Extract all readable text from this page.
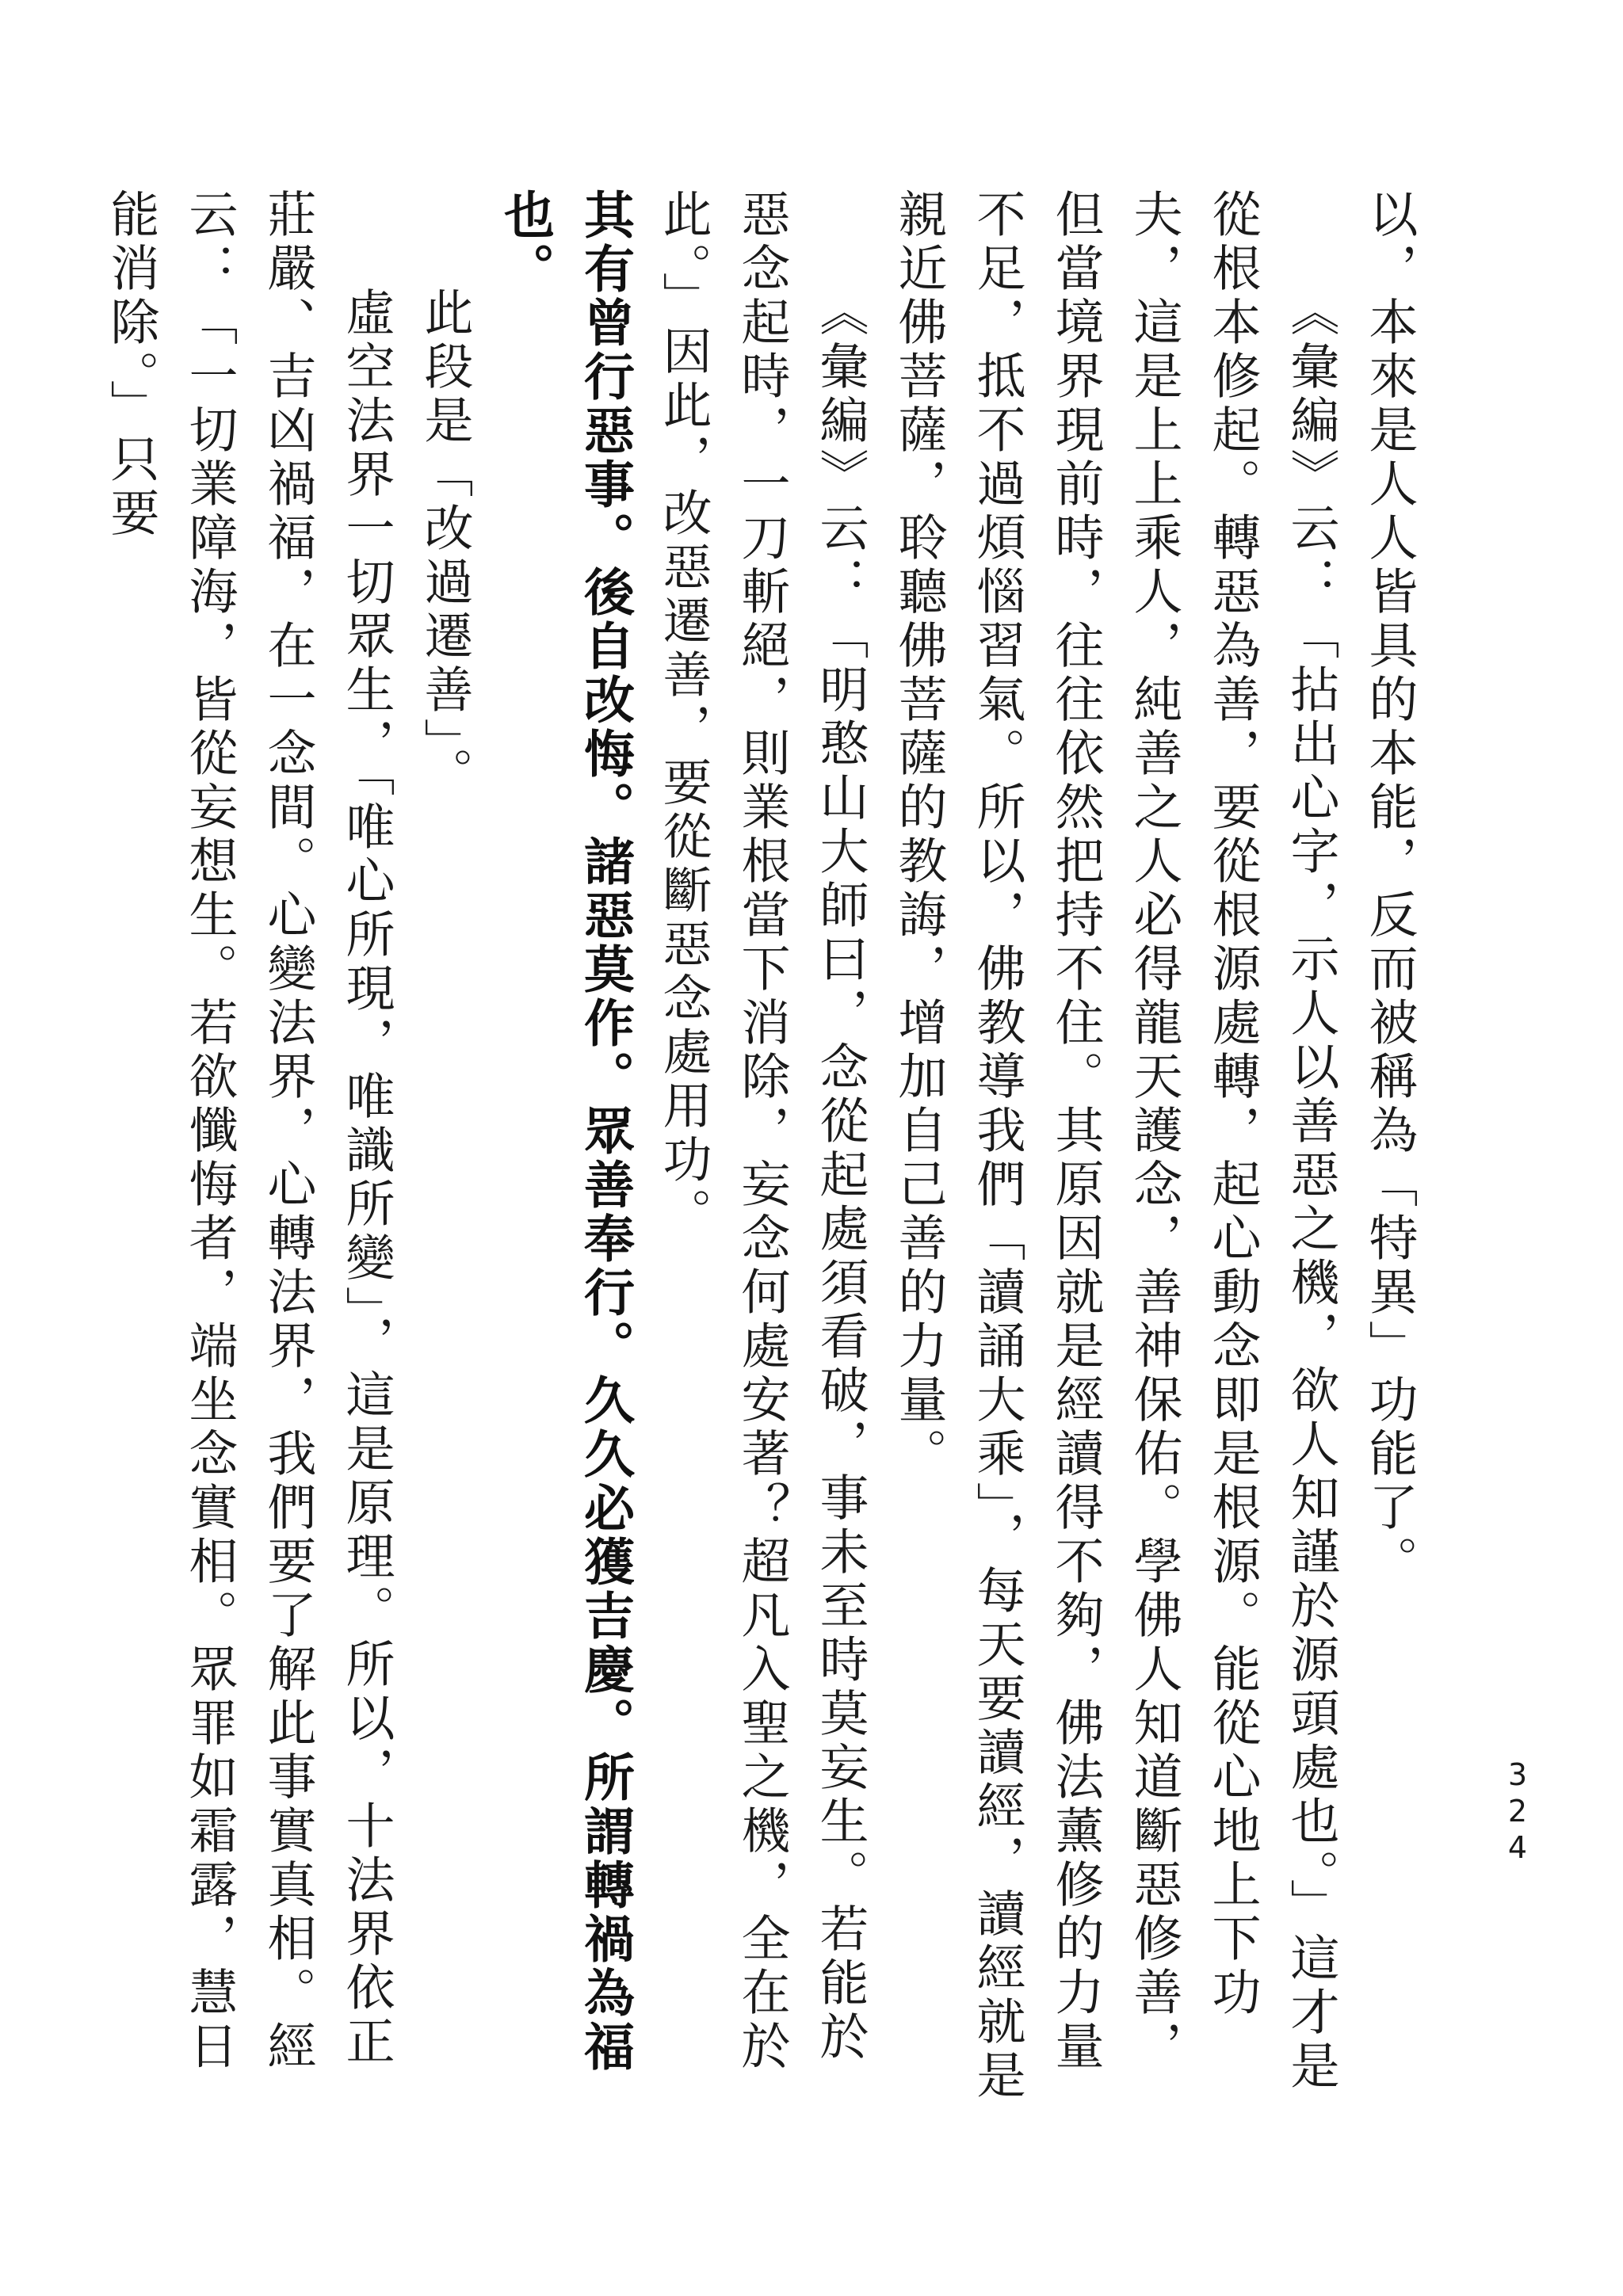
324

以，本來是人人皆具的本能，反而被稱為「特異」功能了。

《彙編》云：「拈出心字，示人以善惡之機，欲人知謹於源頭處也。」這才是從根本修起。轉惡為善，要從根源處轉，起心動念即是根源。能從心地上下功夫，這是上上乘人，純善之人必得龍天護念，善神保佑。學佛人知道斷惡修善，但當境界現前時，往往依然把持不住。其原因就是經讀得不夠，佛法薰修的力量不足，抵不過煩惱習氣。所以，佛教導我們「讀誦大乘」，每天要讀經，讀經就是親近佛菩薩，聆聽佛菩薩的教誨，增加自己善的力量。

《彙編》云：「明憨山大師曰，念從起處須看破，事未至時莫妄生。若能於惡念起時，一刀斬絕，則業根當下消除，妄念何處安著？超凡入聖之機，全在於此。」因此，改惡遷善，要從斷惡念處用功。

其有曾行惡事。後自改悔。諸惡莫作。眾善奉行。久久必獲吉慶。所謂轉禍為福也。

此段是「改過遷善」。

虛空法界一切眾生，「唯心所現，唯識所變」，這是原理。所以，十法界依正莊嚴、吉凶禍福，在一念間。心變法界，心轉法界，我們要了解此事實真相。經云：「一切業障海，皆從妄想生。若欲懺悔者，端坐念實相。眾罪如霜露，慧日能消除。」只要
